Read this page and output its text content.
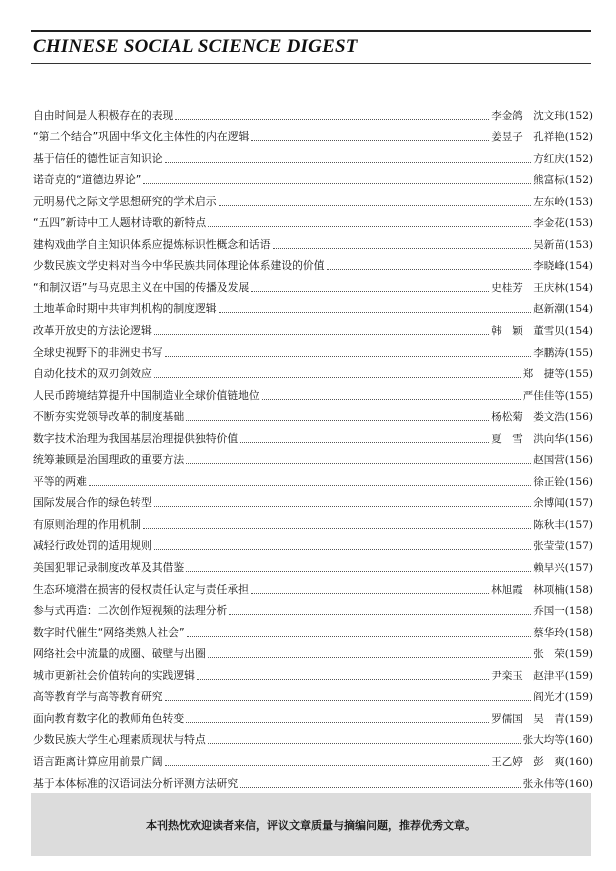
CHINESE SOCIAL SCIENCE DIGEST
自由时间是人积极存在的表现	李金鸽　沈文玮 (152)
“第二个结合”巩固中华文化主体性的内在逻辑	姜昱子　孔祥艳 (152)
基于信任的德性证言知识论	方红庆 (152)
诺奇克的“道德边界论”	熊富标 (152)
元明易代之际文学思想研究的学术启示	左东岭 (153)
“五四”新诗中工人题材诗歌的新特点	李金花 (153)
建构戏曲学自主知识体系应提炼标识性概念和话语	吴新苗 (153)
少数民族文学史料对当今中华民族共同体理论体系建设的价值	李晓峰 (154)
“和制汉语”与马克思主义在中国的传播及发展	史桂芳　王庆林 (154)
土地革命时期中共审判机构的制度逻辑	赵新潮 (154)
改革开放史的方法论逻辑	韩　颖　董雪贝 (154)
全球史视野下的非洲史书写	李鹏涛 (155)
自动化技术的双刃剑效应	郑　捷等 (155)
人民币跨境结算提升中国制造业全球价值链地位	严佳佳等 (155)
不断夯实党领导改革的制度基础	杨松菊　娄文浩 (156)
数字技术治理为我国基层治理提供独特价值	夏　雪　洪向华 (156)
统筹兼顾是治国理政的重要方法	赵国营 (156)
平等的两难	徐正铨 (156)
国际发展合作的绿色转型	余博闻 (157)
有原则治理的作用机制	陈秋丰 (157)
减轻行政处罚的适用规则	张莹莹 (157)
美国犯罪记录制度改革及其借鉴	赖早兴 (157)
生态环境潜在损害的侵权责任认定与责任承担	林旭霞　林项楠 (158)
参与式再造：二次创作短视频的法理分析	乔国一 (158)
数字时代催生“网络类熟人社会”	蔡华玲 (158)
网络社会中流量的成圈、破壁与出圈	张　荣 (159)
城市更新社会价值转向的实践逻辑	尹栾玉　赵津平 (159)
高等教育学与高等教育研究	阎光才 (159)
面向教育数字化的教师角色转变	罗儒国　吴　青 (159)
少数民族大学生心理素质现状与特点	张大均等 (160)
语言距离计算应用前景广阔	王乙婷　彭　爽 (160)
基于本体标准的汉语词法分析评测方法研究	张永伟等 (160)
本刊热忱欢迎读者来信，评议文章质量与摘编问题，推荐优秀文章。
